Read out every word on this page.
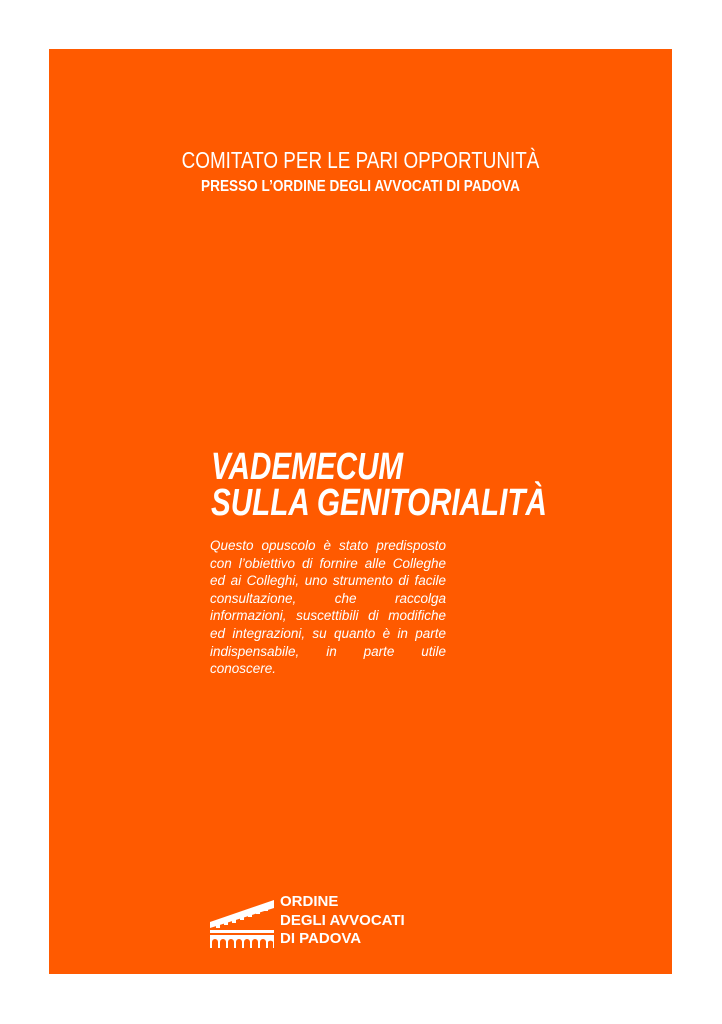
COMITATO PER LE PARI OPPORTUNITÀ
PRESSO L’ORDINE DEGLI AVVOCATI DI PADOVA
VADEMECUM
SULLA GENITORIALITÀ
Questo opuscolo è stato predisposto con l’obiettivo di fornire alle Colleghe ed ai Colleghi, uno strumento di facile consultazione, che raccolga informazioni, suscettibili di modifiche ed integrazioni, su quanto è in parte indispensabile, in parte utile conoscere.
ORDINE
DEGLI AVVOCATI
DI PADOVA
